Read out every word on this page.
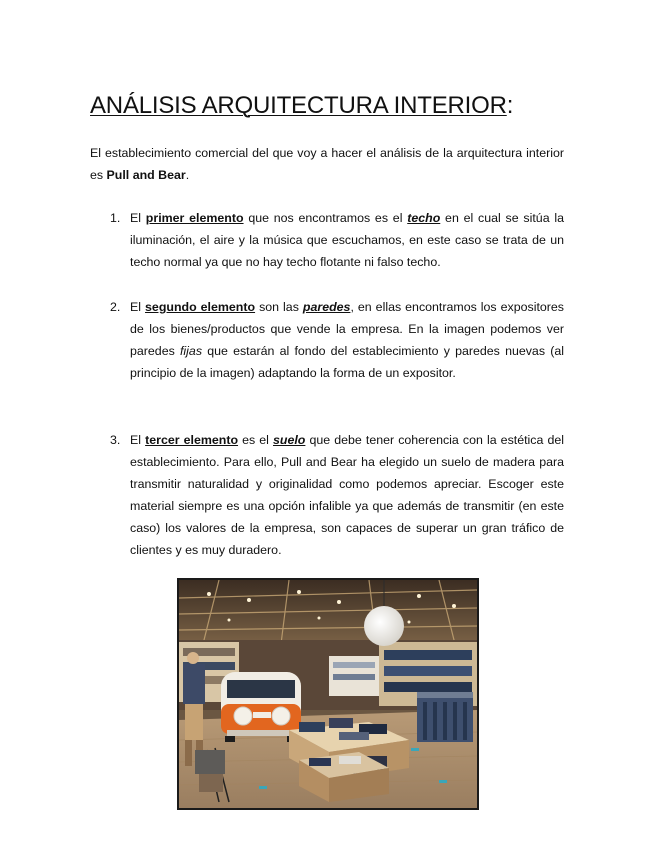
ANÁLISIS ARQUITECTURA INTERIOR:

El establecimiento comercial del que voy a hacer el análisis de la arquitectura interior es Pull and Bear.

1. El primer elemento que nos encontramos es el techo en el cual se sitúa la iluminación, el aire y la música que escuchamos, en este caso se trata de un techo normal ya que no hay techo flotante ni falso techo.
2. El segundo elemento son las paredes, en ellas encontramos los expositores de los bienes/productos que vende la empresa. En la imagen podemos ver paredes fijas que estarán al fondo del establecimiento y paredes nuevas (al principio de la imagen) adaptando la forma de un expositor.
3. El tercer elemento es el suelo que debe tener coherencia con la estética del establecimiento. Para ello, Pull and Bear ha elegido un suelo de madera para transmitir naturalidad y originalidad como podemos apreciar. Escoger este material siempre es una opción infalible ya que además de transmitir (en este caso) los valores de la empresa, son capaces de superar un gran tráfico de clientes y es muy duradero.
